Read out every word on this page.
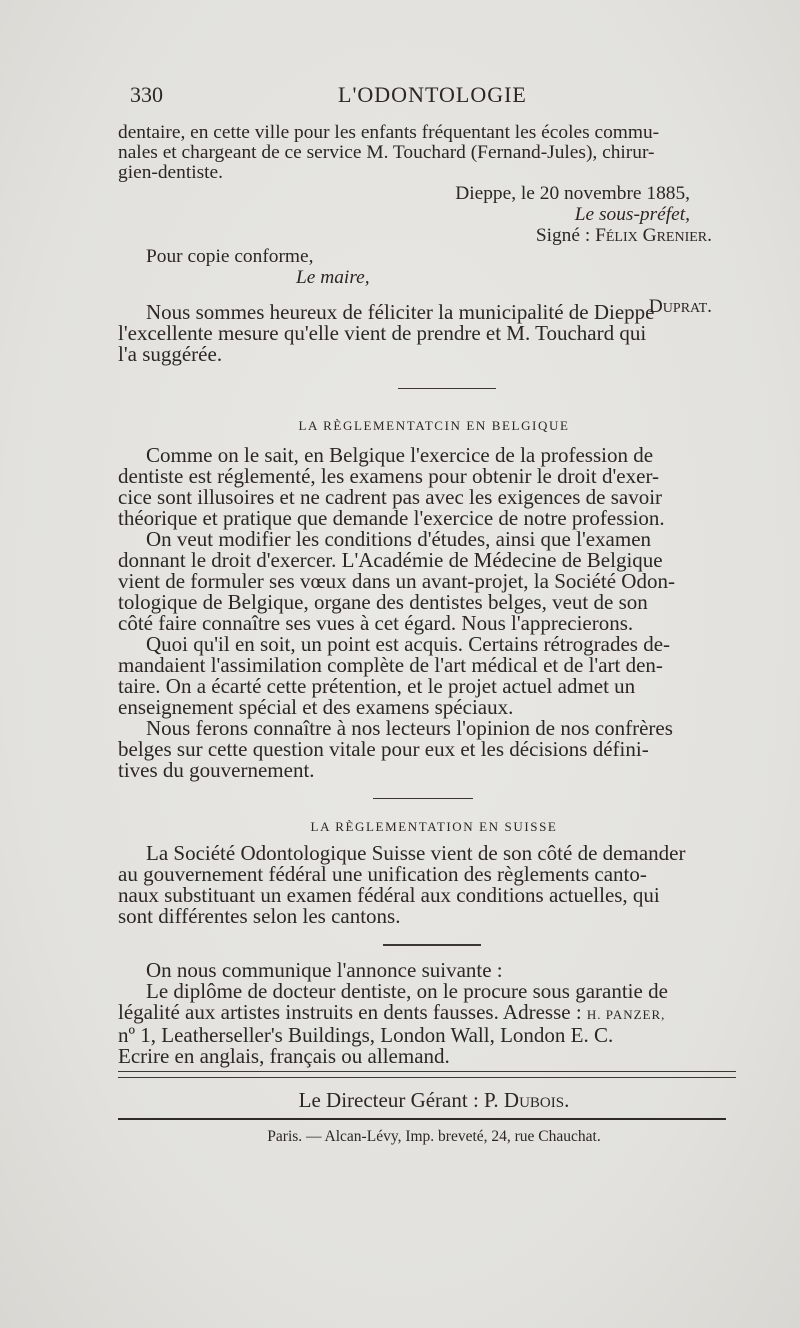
330	L'ODONTOLOGIE

dentaire, en cette ville pour les enfants fréquentant les écoles commu-

nales et chargeant de ce service M. Touchard (Fernand-Jules), chirur-

gien-dentiste.

Dieppe, le 20 novembre 1885,
Le sous-préfet,
Signé : Félix Grenier.
Pour copie conforme,
Le maire,
Duprat.

Nous sommes heureux de féliciter la municipalité de Dieppe

l'excellente mesure qu'elle vient de prendre et M. Touchard qui

l'a suggérée.

LA RÈGLEMENTATCIN EN BELGIQUE

Comme on le sait, en Belgique l'exercice de la profession de

dentiste est réglementé, les examens pour obtenir le droit d'exer-

cice sont illusoires et ne cadrent pas avec les exigences de savoir

théorique et pratique que demande l'exercice de notre profession.

On veut modifier les conditions d'études, ainsi que l'examen

donnant le droit d'exercer. L'Académie de Médecine de Belgique

vient de formuler ses vœux dans un avant-projet, la Société Odon-

tologique de Belgique, organe des dentistes belges, veut de son

côté faire connaître ses vues à cet égard. Nous l'apprecierons.

Quoi qu'il en soit, un point est acquis. Certains rétrogrades de-

mandaient l'assimilation complète de l'art médical et de l'art den-

taire. On a écarté cette prétention, et le projet actuel admet un

enseignement spécial et des examens spéciaux.

Nous ferons connaître à nos lecteurs l'opinion de nos confrères

belges sur cette question vitale pour eux et les décisions défini-

tives du gouvernement.

LA RÈGLEMENTATION EN SUISSE

La Société Odontologique Suisse vient de son côté de demander

au gouvernement fédéral une unification des règlements canto-

naux substituant un examen fédéral aux conditions actuelles, qui

sont différentes selon les cantons.

On nous communique l'annonce suivante :

Le diplôme de docteur dentiste, on le procure sous garantie de

légalité aux artistes instruits en dents fausses. Adresse : H. PANZER,

nº 1, Leatherseller's Buildings, London Wall, London E. C.

Ecrire en anglais, français ou allemand.

Le Directeur Gérant : P. Dubois.
Paris. — Alcan-Lévy, Imp. breveté, 24, rue Chauchat.
